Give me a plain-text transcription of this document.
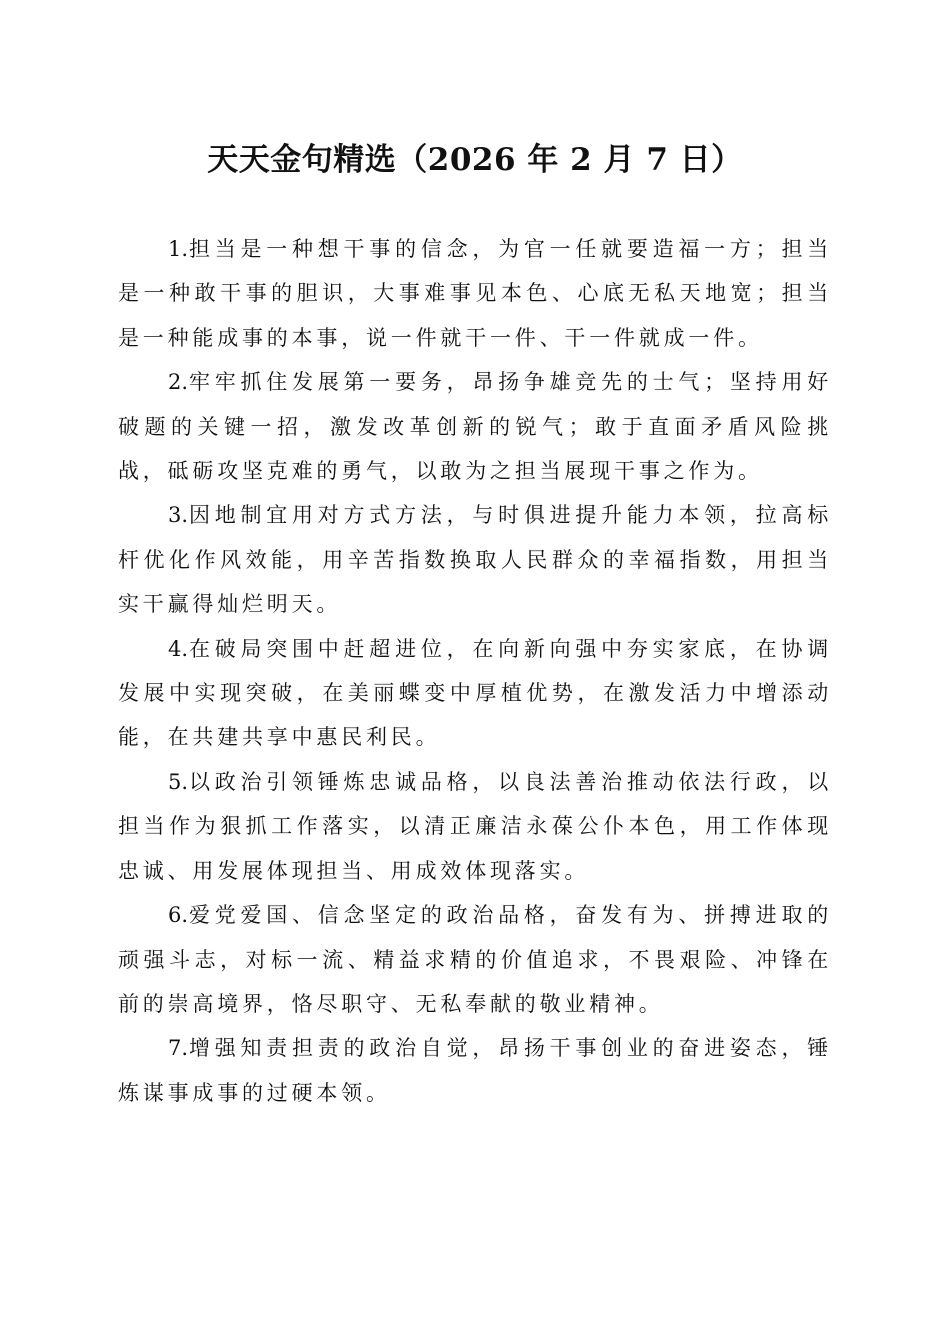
天天金句精选（2026 年 2 月 7 日）

1.担当是一种想干事的信念，为官一任就要造福一方；担当是一种敢干事的胆识，大事难事见本色、心底无私天地宽；担当是一种能成事的本事，说一件就干一件、干一件就成一件。

2.牢牢抓住发展第一要务，昂扬争雄竞先的士气；坚持用好破题的关键一招，激发改革创新的锐气；敢于直面矛盾风险挑战，砥砺攻坚克难的勇气，以敢为之担当展现干事之作为。

3.因地制宜用对方式方法，与时俱进提升能力本领，拉高标杆优化作风效能，用辛苦指数换取人民群众的幸福指数，用担当实干赢得灿烂明天。

4.在破局突围中赶超进位，在向新向强中夯实家底，在协调发展中实现突破，在美丽蝶变中厚植优势，在激发活力中增添动能，在共建共享中惠民利民。

5.以政治引领锤炼忠诚品格，以良法善治推动依法行政，以担当作为狠抓工作落实，以清正廉洁永葆公仆本色，用工作体现忠诚、用发展体现担当、用成效体现落实。

6.爱党爱国、信念坚定的政治品格，奋发有为、拼搏进取的顽强斗志，对标一流、精益求精的价值追求，不畏艰险、冲锋在前的崇高境界，恪尽职守、无私奉献的敬业精神。

7.增强知责担责的政治自觉，昂扬干事创业的奋进姿态，锤炼谋事成事的过硬本领。
